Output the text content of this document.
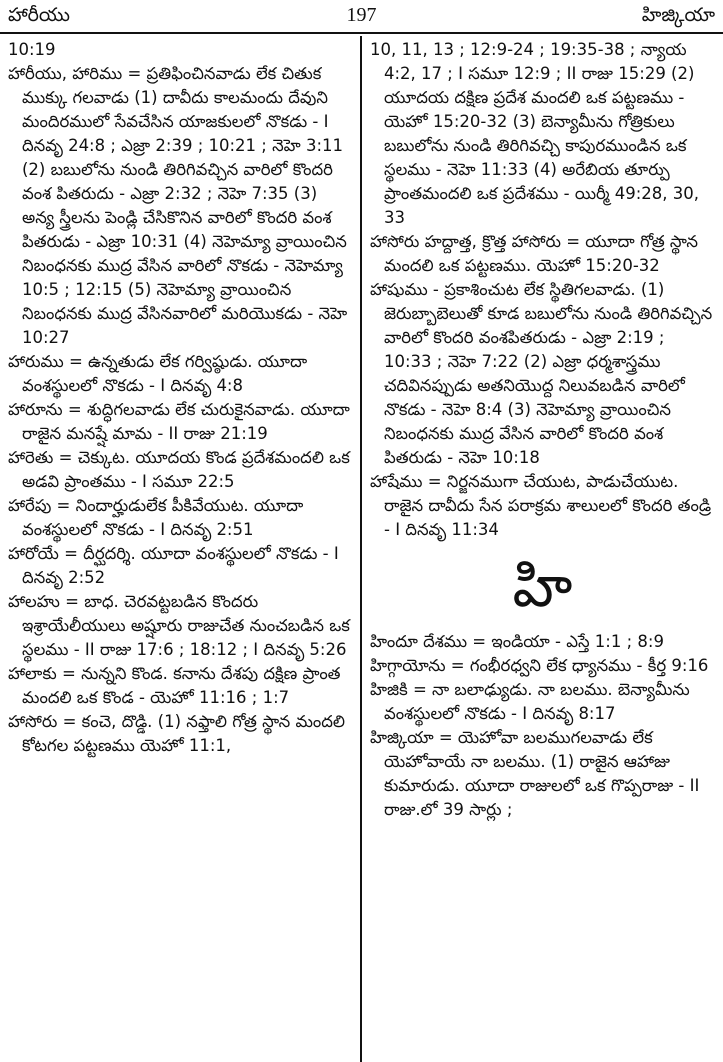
హారీయు	197	హిజ్కియా

10:19

హారీయు, హారిము = ప్రతిఫించినవాడు లేక చితుక ముక్కు గలవాడు (1) దావీదు కాలమందు దేవుని మందిరములో సేవచేసిన యాజకులలో నొకడు - I దినవృ 24:8 ; ఎజ్రా 2:39 ; 10:21 ; నెహె 3:11 (2) బబులోను నుండి తిరిగివచ్చిన వారిలో కొందరి వంశ పితరుదు - ఎజ్రా 2:32 ; నెహె 7:35 (3) అన్య స్త్రీలను పెండ్లి చేసికొనిన వారిలో కొందరి వంశ పితరుడు - ఎజ్రా 10:31 (4) నెహెమ్యా వ్రాయించిన నిబంధనకు ముద్ర వేసిన వారిలో నొకడు - నెహెమ్యా 10:5 ; 12:15 (5) నెహెమ్యా వ్రాయించిన నిబంధనకు ముద్ర వేసినవారిలో మరియొకడు - నెహె 10:27

హారుము = ఉన్నతుడు లేక గర్విష్ఠుడు. యూదా వంశస్థులలో నొకడు - I దినవృ 4:8

హారూను = శుద్ధిగలవాడు లేక చురుకైనవాడు. యూదా రాజైన మనష్షే మామ - II రాజు 21:19

హారెతు = చెక్కుట. యూదయ కొండ ప్రదేశమందలి ఒక అడవి ప్రాంతము - I సమూ 22:5

హారేపు = నిందార్హుడులేక పీకివేయుట. యూదా వంశస్థులలో నొకడు - I దినవృ 2:51

హారోయే = దీర్ఘదర్శి. యూదా వంశస్థులలో నొకడు - I దినవృ 2:52

హాలహు = బాధ. చెరవట్టబడిన కొందరు ఇశ్రాయేలీయులు అష్షూరు రాజుచేత నుంచబడిన ఒక స్థలము - II రాజు 17:6 ; 18:12 ; I దినవృ 5:26

హాలాకు = నున్నని కొండ. కనాను దేశపు దక్షిణ ప్రాంత మందలి ఒక కొండ - యెహో 11:16 ; 1:7

హాసోరు = కంచె, దొడ్డి. (1) నఫ్తాలి గోత్ర స్థాన మందలి కోటగల పట్టణము యెహో 11:1,

10, 11, 13 ; 12:9-24 ; 19:35-38 ; న్యాయ 4:2, 17 ; I సమూ 12:9 ; II రాజు 15:29 (2) యూదయ దక్షిణ ప్రదేశ మందలి ఒక పట్టణము - యెహో 15:20-32 (3) బెన్యామీను గోత్రికులు బబులోను నుండి తిరిగివచ్చి కాపురముండిన ఒక స్థలము - నెహె 11:33 (4) అరేబియ తూర్పు ప్రాంతమందలి ఒక ప్రదేశము - యిర్మీ 49:28, 30, 33

హాసోరు హద్దాత్త, క్రొత్త హాసోరు = యూదా గోత్ర స్థాన మందలి ఒక పట్టణము. యెహో 15:20-32

హాషుము - ప్రకాశించుట లేక స్థితిగలవాడు. (1) జెరుబ్బాబెలుతో కూడ బబులోను నుండి తిరిగివచ్చిన వారిలో కొందరి వంశపితరుడు - ఎజ్రా 2:19 ; 10:33 ; నెహె 7:22 (2) ఎజ్రా ధర్మశాస్త్రము చదివినప్పుడు అతనియొద్ద నిలువబడిన వారిలో నొకడు - నెహె 8:4 (3) నెహెమ్యా వ్రాయించిన నిబంధనకు ముద్ర వేసిన వారిలో కొందరి వంశ పితరుడు - నెహె 10:18

హాషేము = నిర్జనముగా చేయుట, పాడుచేయుట. రాజైన దావీదు సేన పరాక్రమ శాలులలో కొందరి తండ్రి - I దినవృ 11:34

హి

హిందూ దేశము = ఇండియా - ఎస్తే 1:1 ; 8:9

హిగ్గాయోను = గంభీరధ్వని లేక ధ్యానము - కీర్త 9:16

హిజికి = నా బలాఢ్యుడు. నా బలము. బెన్యామీను వంశస్థులలో నొకడు - I దినవృ 8:17

హిజ్కియా = యెహోవా బలముగలవాడు లేక యెహోవాయే నా బలము. (1) రాజైన ఆహాజు కుమారుడు. యూదా రాజులలో ఒక గొప్పరాజు - II రాజు.లో 39 సార్లు ;
